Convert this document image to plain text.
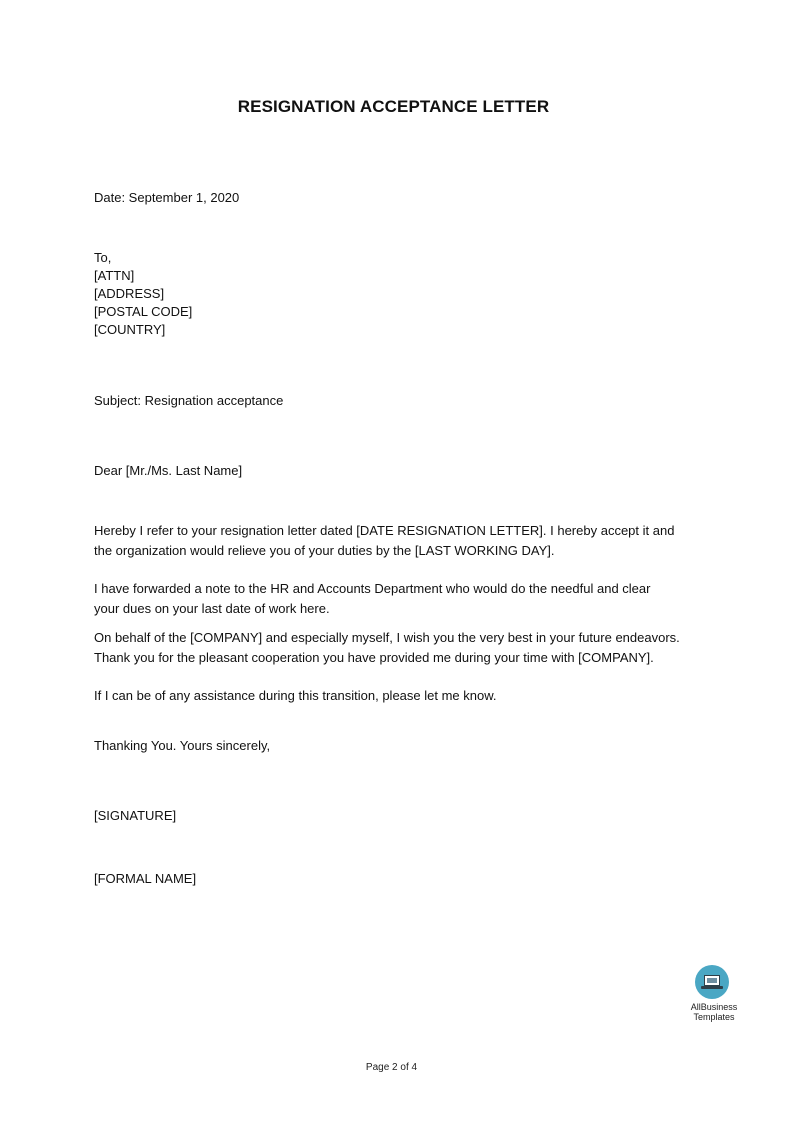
RESIGNATION ACCEPTANCE LETTER
Date: September 1, 2020
To,
[ATTN]
[ADDRESS]
[POSTAL CODE]
[COUNTRY]
Subject: Resignation acceptance
Dear [Mr./Ms. Last Name]
Hereby I refer to your resignation letter dated [DATE RESIGNATION LETTER]. I hereby accept it and
the organization would relieve you of your duties by the [LAST WORKING DAY].
I have forwarded a note to the HR and Accounts Department who would do the needful and clear
your dues on your last date of work here.
On behalf of the [COMPANY] and especially myself, I wish you the very best in your future endeavors.
Thank you for the pleasant cooperation you have provided me during your time with [COMPANY].
If I can be of any assistance during this transition, please let me know.
Thanking You. Yours sincerely,
[SIGNATURE]
[FORMAL NAME]
AllBusiness
Templates
Page 2 of 4
